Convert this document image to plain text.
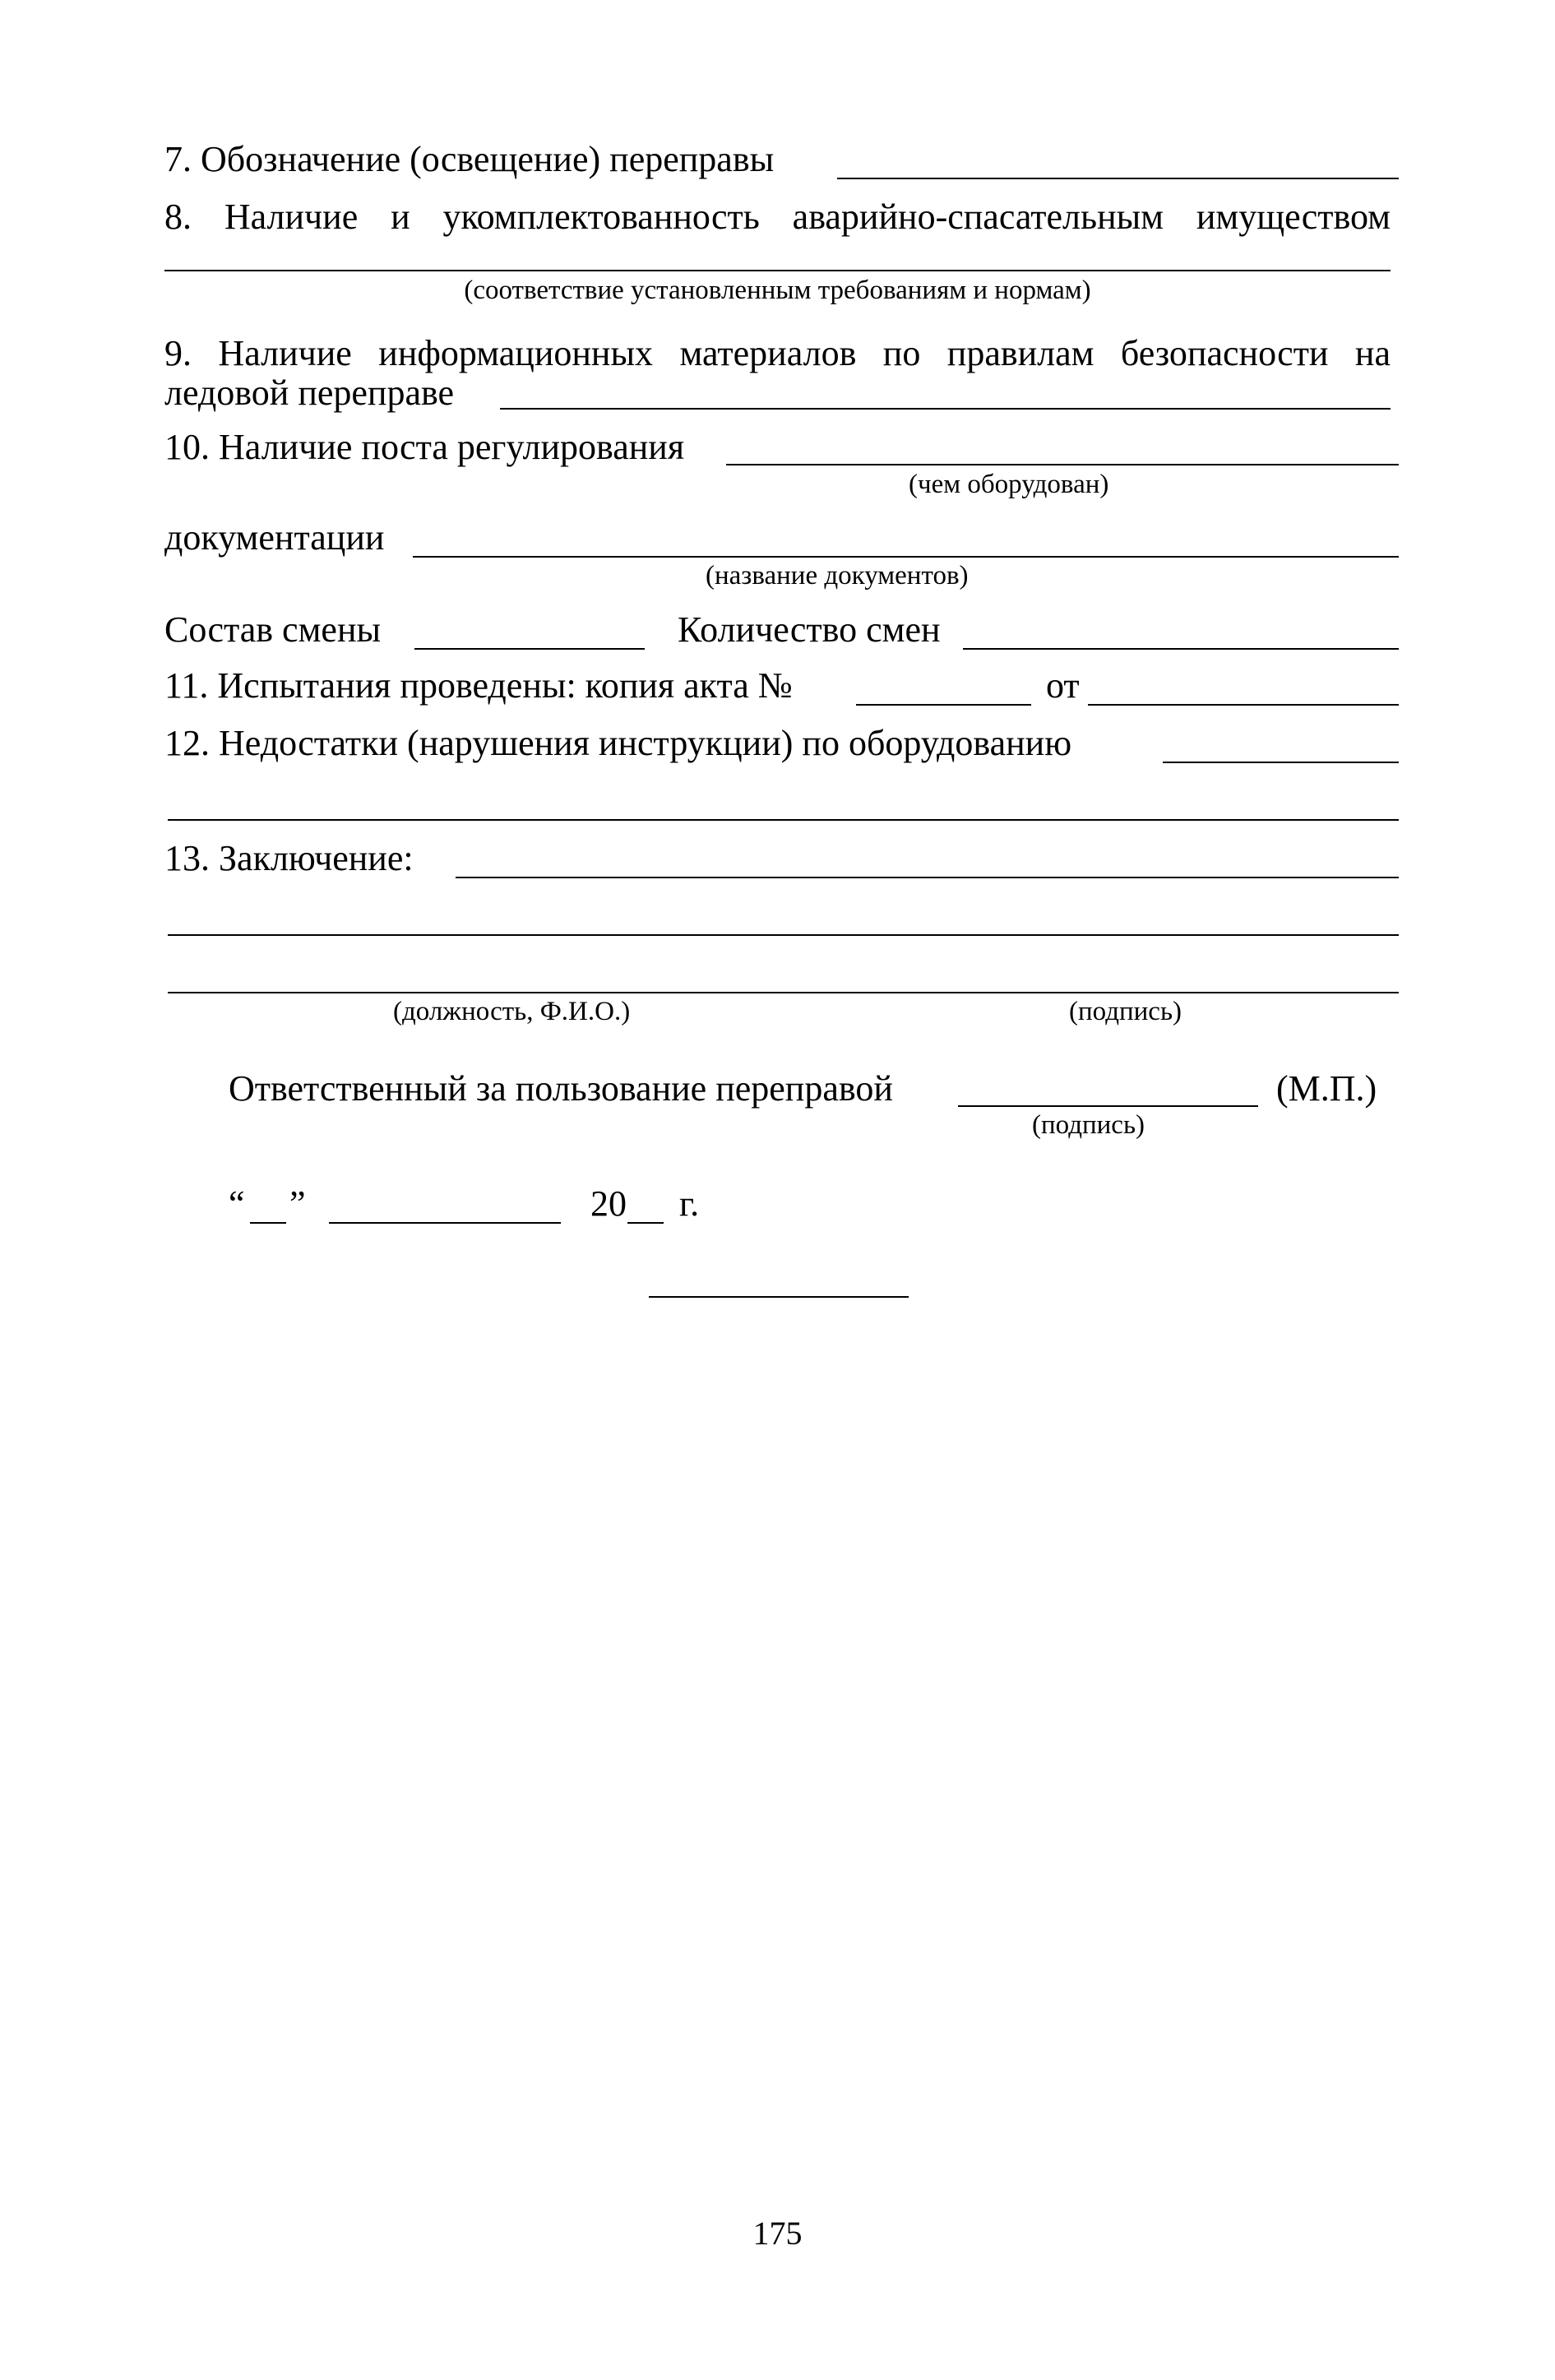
7. Обозначение (освещение) переправы
8. Наличие и укомплектованность аварийно-спасательным имуществом
(соответствие установленным требованиям и нормам)
9. Наличие информационных материалов по правилам безопасности на
ледовой переправе
10. Наличие поста регулирования
(чем оборудован)
документации
(название документов)
Состав смены	Количество смен
11. Испытания проведены: копия акта №	от
12. Недостатки (нарушения инструкции) по оборудованию
13. Заключение:
(должность, Ф.И.О.)	(подпись)
Ответственный за пользование переправой	(М.П.)
(подпись)
“ ”	20 г.
175
